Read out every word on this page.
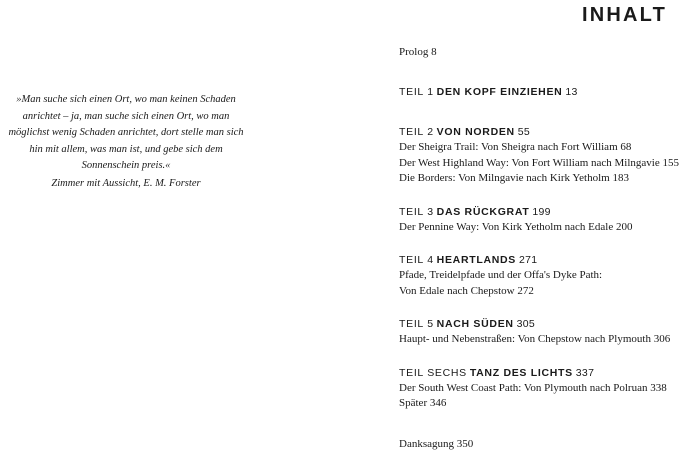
INHALT
»Man suche sich einen Ort, wo man keinen Schaden anrichtet – ja, man suche sich einen Ort, wo man möglichst wenig Schaden anrichtet, dort stelle man sich hin mit allem, was man ist, und gebe sich dem Sonnenschein preis.«
Zimmer mit Aussicht, E. M. Forster
Prolog 8
TEIL 1 DEN KOPF EINZIEHEN 13
TEIL 2 VON NORDEN 55
Der Sheigra Trail: Von Sheigra nach Fort William 68
Der West Highland Way: Von Fort William nach Milngavie 155
Die Borders: Von Milngavie nach Kirk Yetholm 183
TEIL 3 DAS RÜCKGRAT 199
Der Pennine Way: Von Kirk Yetholm nach Edale 200
TEIL 4 HEARTLANDS 271
Pfade, Treidelpfade und der Offa's Dyke Path:
Von Edale nach Chepstow 272
TEIL 5 NACH SÜDEN 305
Haupt- und Nebenstraßen: Von Chepstow nach Plymouth 306
TEIL SECHS TANZ DES LICHTS 337
Der South West Coast Path: Von Plymouth nach Polruan 338
Später 346
Danksagung 350
